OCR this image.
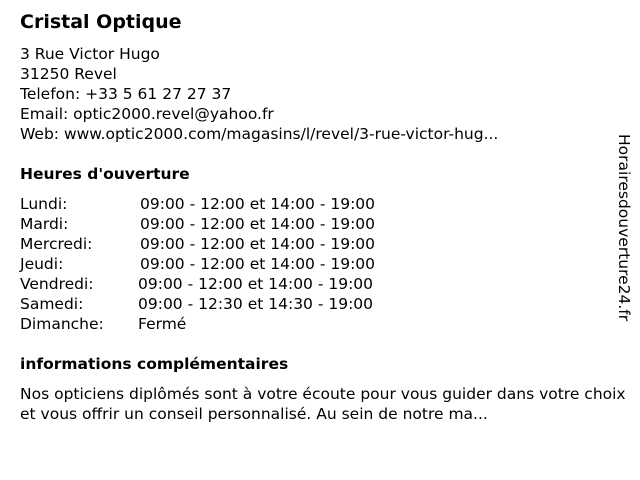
Cristal Optique
3 Rue Victor Hugo
31250 Revel
Telefon: +33 5 61 27 27 37
Email: optic2000.revel@yahoo.fr
Web: www.optic2000.com/magasins/l/revel/3-rue-victor-hug...
Heures d'ouverture
Lundi:	09:00 - 12:00 et 14:00 - 19:00
Mardi:	09:00 - 12:00 et 14:00 - 19:00
Mercredi:	09:00 - 12:00 et 14:00 - 19:00
Jeudi:	09:00 - 12:00 et 14:00 - 19:00
Vendredi:	09:00 - 12:00 et 14:00 - 19:00
Samedi:	09:00 - 12:30 et 14:30 - 19:00
Dimanche:	Fermé
informations complémentaires
Nos opticiens diplômés sont à votre écoute pour vous guider dans votre choix et vous offrir un conseil personnalisé. Au sein de notre ma...
Horairesdouverture24.fr
